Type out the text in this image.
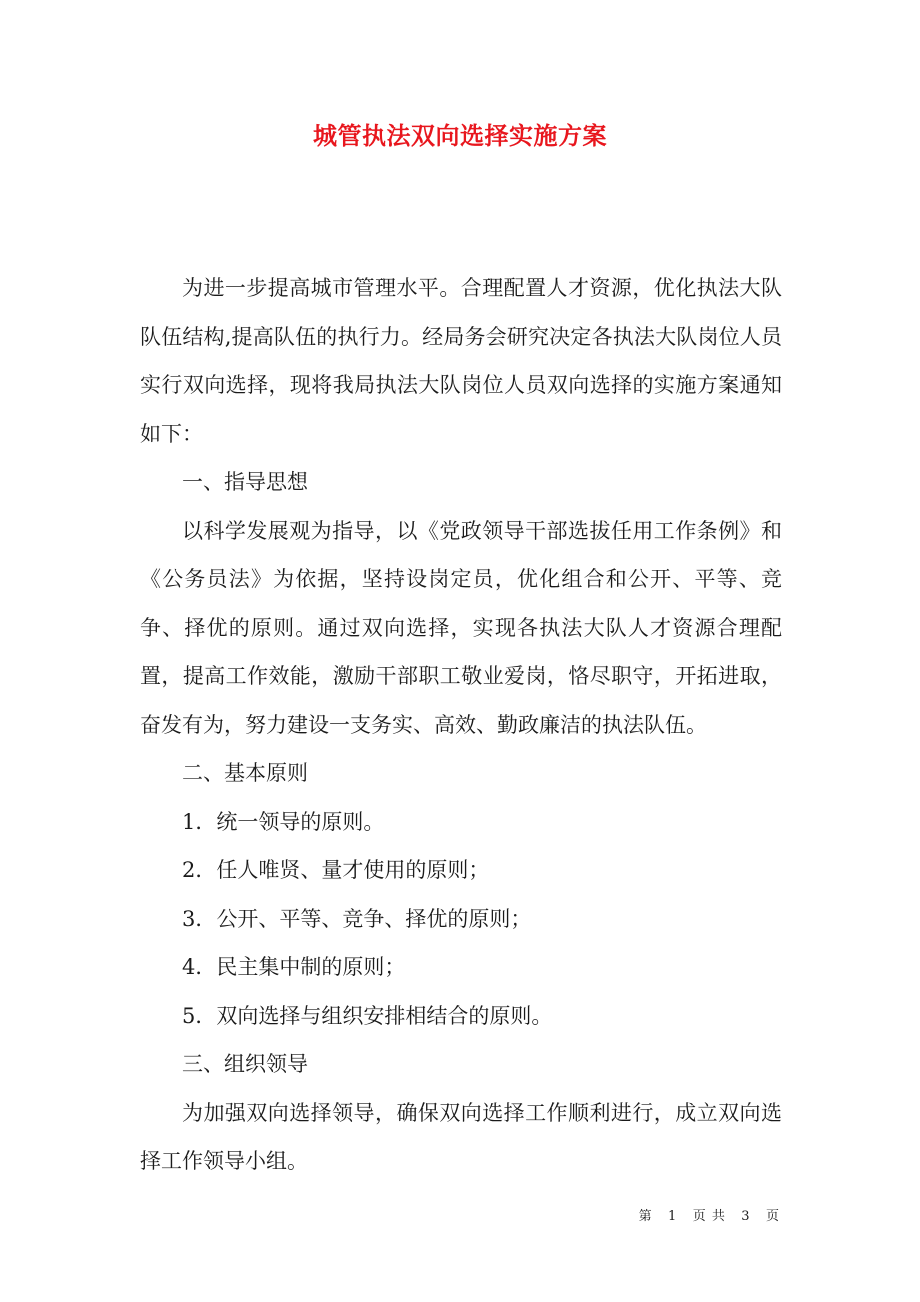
城管执法双向选择实施方案

为进一步提高城市管理水平。合理配置人才资源，优化执法大队队伍结构,提高队伍的执行力。经局务会研究决定各执法大队岗位人员实行双向选择，现将我局执法大队岗位人员双向选择的实施方案通知如下：

一、指导思想

以科学发展观为指导，以《党政领导干部选拔任用工作条例》和《公务员法》为依据，坚持设岗定员，优化组合和公开、平等、竞争、择优的原则。通过双向选择，实现各执法大队人才资源合理配置，提高工作效能，激励干部职工敬业爱岗，恪尽职守，开拓进取，奋发有为，努力建设一支务实、高效、勤政廉洁的执法队伍。

二、基本原则

1．统一领导的原则。

2．任人唯贤、量才使用的原则；

3．公开、平等、竞争、择优的原则；

4．民主集中制的原则；

5．双向选择与组织安排相结合的原则。

三、组织领导

为加强双向选择领导，确保双向选择工作顺利进行，成立双向选择工作领导小组。

第 1 页 共 3 页
